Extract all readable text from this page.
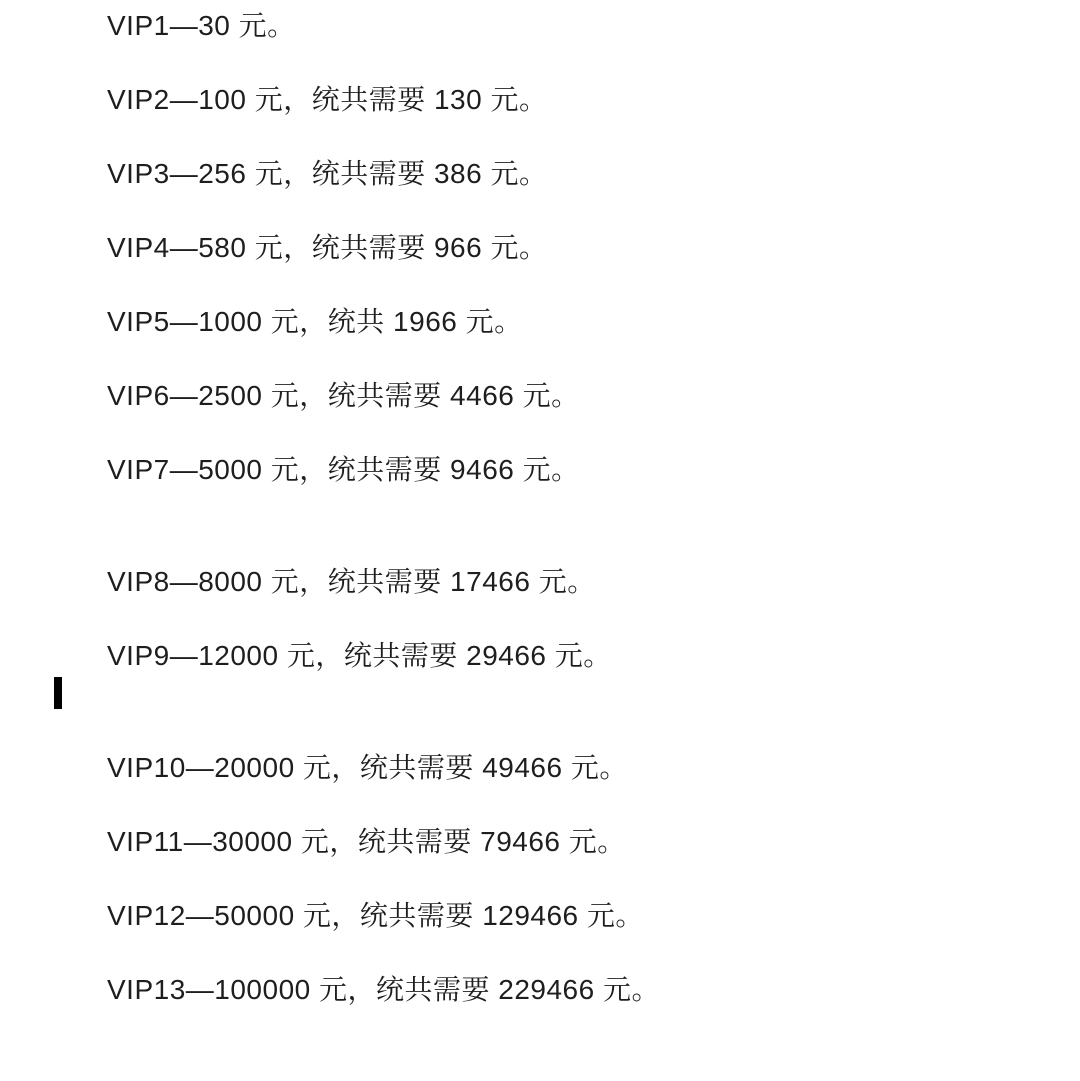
VIP1—30 元。

VIP2—100 元，统共需要 130 元。

VIP3—256 元，统共需要 386 元。

VIP4—580 元，统共需要 966 元。

VIP5—1000 元，统共 1966 元。

VIP6—2500 元，统共需要 4466 元。

VIP7—5000 元，统共需要 9466 元。

VIP8—8000 元，统共需要 17466 元。

VIP9—12000 元，统共需要 29466 元。

VIP10—20000 元，统共需要 49466 元。

VIP11—30000 元，统共需要 79466 元。

VIP12—50000 元，统共需要 129466 元。

VIP13—100000 元，统共需要 229466 元。
